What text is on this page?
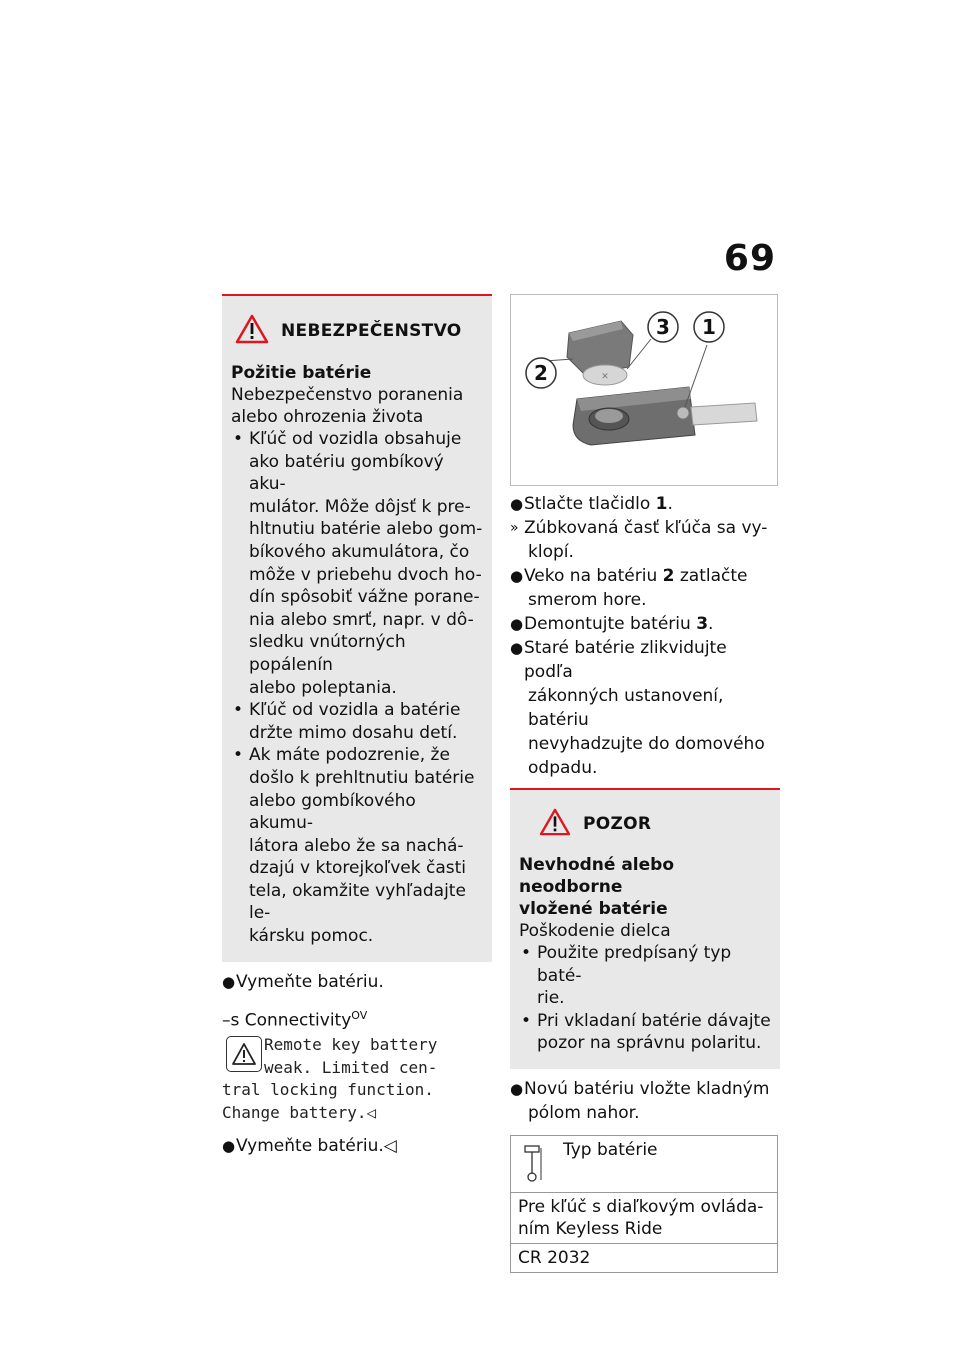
69
NEBEZPEČENSTVO
Požitie batérie
Nebezpečenstvo poranenia
alebo ohrozenia života
• Kľúč od vozidla obsahuje
ako batériu gombíkový aku-
mulátor. Môže dôjsť k pre-
hltnutiu batérie alebo gom-
bíkového akumulátora, čo
môže v priebehu dvoch ho-
dín spôsobiť vážne porane-
nia alebo smrť, napr. v dô-
sledku vnútorných popálenín
alebo poleptania.
• Kľúč od vozidla a batérie
držte mimo dosahu detí.
• Ak máte podozrenie, že
došlo k prehltnutiu batérie
alebo gombíkového akumu-
látora alebo že sa nachá-
dzajú v ktorejkoľvek časti
tela, okamžite vyhľadajte le-
kársku pomoc.
● Vymeňte batériu.
–s Connectivity$^{OV}$
Remote key battery
weak. Limited cen-
tral locking function.
Change battery.◁
● Vymeňte batériu.◁
✕
2
3 1
● Stlačte tlačidlo 1.
» Zúbkovaná časť kľúča sa vy-
klopí.
● Veko na batériu 2 zatlačte
smerom hore.
● Demontujte batériu 3.
● Staré batérie zlikvidujte podľa
zákonných ustanovení, batériu
nevyhadzujte do domového
odpadu.
POZOR
Nevhodné alebo neodborne
vložené batérie
Poškodenie dielca
• Použite predpísaný typ baté-
rie.
• Pri vkladaní batérie dávajte
pozor na správnu polaritu.
● Novú batériu vložte kladným
pólom nahor.
Typ batérie

Pre kľúč s diaľkovým ovláda-
ním Keyless Ride

CR 2032
